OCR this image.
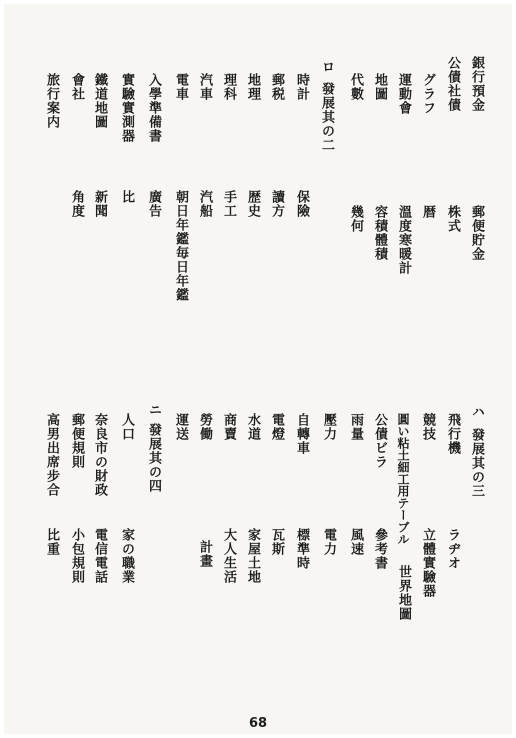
銀行預金
郵便貯金
公債社債
株式
グラフ
暦
運動會
溫度寒暖計
地圖
容積體積
代數
幾何
ロ
發展其の二
時計
保險
郵税
讀方
地理
歴史
理科
手工
汽車
汽船
電車
朝日年鑑毎日年鑑
入學準備書
廣告
實驗實測器
比
鐵道地圖
新聞
會社
角度
旅行案内
ハ
發展其の三
飛行機
ラヂオ
競技
立體實驗器
圓い粘土細工用テーブル
世界地圖
公債ビラ
參考書
雨量
風速
壓力
電力
自轉車
標準時
電燈
瓦斯
水道
家屋土地
商賣
大人生活
勞働
計畫
運送
ニ
發展其の四
人口
家の職業
奈良市の財政
電信電話
郵便規則
小包規則
高男出席步合
比重
68
